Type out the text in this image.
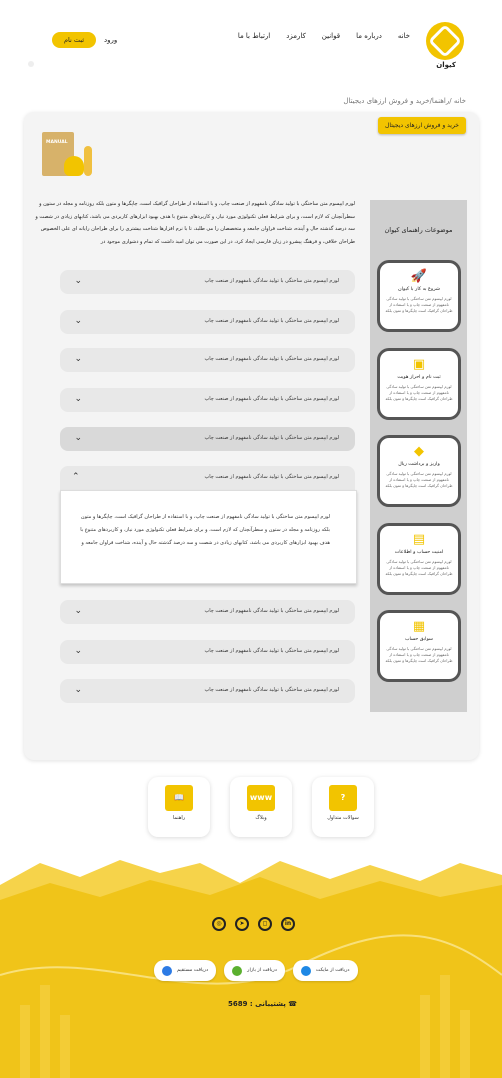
کیوان
خانه
درباره ما
قوانین
کارمزد
ارتباط با ما
ورود
ثبت نام
خانه /راهنما/خرید و فروش ارزهای دیجیتال
خرید و فروش ارزهای دیجیتال
MANUAL
لورم ایپسوم متن ساختگی با تولید سادگی نامفهوم از صنعت چاپ، و با استفاده از طراحان گرافیک است، چاپگرها و متون بلکه روزنامه و مجله در ستون و سطرآنچنان که لازم است، و برای شرایط فعلی تکنولوژی مورد نیاز، و کاربردهای متنوع با هدف بهبود ابزارهای کاربردی می باشد، کتابهای زیادی در شصت و سه درصد گذشته حال و آینده، شناخت فراوان جامعه و متخصصان را می طلبد، تا با نرم افزارها شناخت بیشتری را برای طراحان رایانه ای علی الخصوص طراحان خلاقی، و فرهنگ پیشرو در زبان فارسی ایجاد کرد، در این صورت می توان امید داشت که تمام و دشواری موجود در
موضوعات راهنمای کیوان
🚀
شروع به کار با کیوان
لورم ایپسوم متن ساختگی با تولید سادگی نامفهوم از صنعت چاپ و با استفاده از طراحان گرافیک است چاپگرها و متون بلکه
▣
ثبت نام و احراز هویت
لورم ایپسوم متن ساختگی با تولید سادگی نامفهوم از صنعت چاپ و با استفاده از طراحان گرافیک است چاپگرها و متون بلکه
◆
واریز و برداشت ریال
لورم ایپسوم متن ساختگی با تولید سادگی نامفهوم از صنعت چاپ و با استفاده از طراحان گرافیک است چاپگرها و متون بلکه
▤
امنیت حساب و اطلاعات
لورم ایپسوم متن ساختگی با تولید سادگی نامفهوم از صنعت چاپ و با استفاده از طراحان گرافیک است چاپگرها و متون بلکه
▦
سوابق حساب
لورم ایپسوم متن ساختگی با تولید سادگی نامفهوم از صنعت چاپ و با استفاده از طراحان گرافیک است چاپگرها و متون بلکه
لورم ایپسوم متن ساختگی با تولید سادگی نامفهوم از صنعت چاپ
⌄
لورم ایپسوم متن ساختگی با تولید سادگی نامفهوم از صنعت چاپ
⌄
لورم ایپسوم متن ساختگی با تولید سادگی نامفهوم از صنعت چاپ
⌄
لورم ایپسوم متن ساختگی با تولید سادگی نامفهوم از صنعت چاپ
⌄
لورم ایپسوم متن ساختگی با تولید سادگی نامفهوم از صنعت چاپ
⌄
لورم ایپسوم متن ساختگی با تولید سادگی نامفهوم از صنعت چاپ
⌃

لورم ایپسوم متن ساختگی با تولید سادگی نامفهوم از صنعت چاپ، و با استفاده از طراحان گرافیک است، چاپگرها و متون بلکه روزنامه و مجله در ستون و سطرآنچنان که لازم است، و برای شرایط فعلی تکنولوژی مورد نیاز، و کاربردهای متنوع با هدف بهبود ابزارهای کاربردی می باشد، کتابهای زیادی در شصت و سه درصد گذشته حال و آینده، شناخت فراوان جامعه و

لورم ایپسوم متن ساختگی با تولید سادگی نامفهوم از صنعت چاپ
⌄
لورم ایپسوم متن ساختگی با تولید سادگی نامفهوم از صنعت چاپ
⌄
لورم ایپسوم متن ساختگی با تولید سادگی نامفهوم از صنعت چاپ
⌄
?
سوالات متداول
www
وبلاگ
📖
راهنما
◎	➤	◻	in
دریافت مستقیم	دریافت از بازار	دریافت از مایکت
☎ پشتیبانی : 5689
